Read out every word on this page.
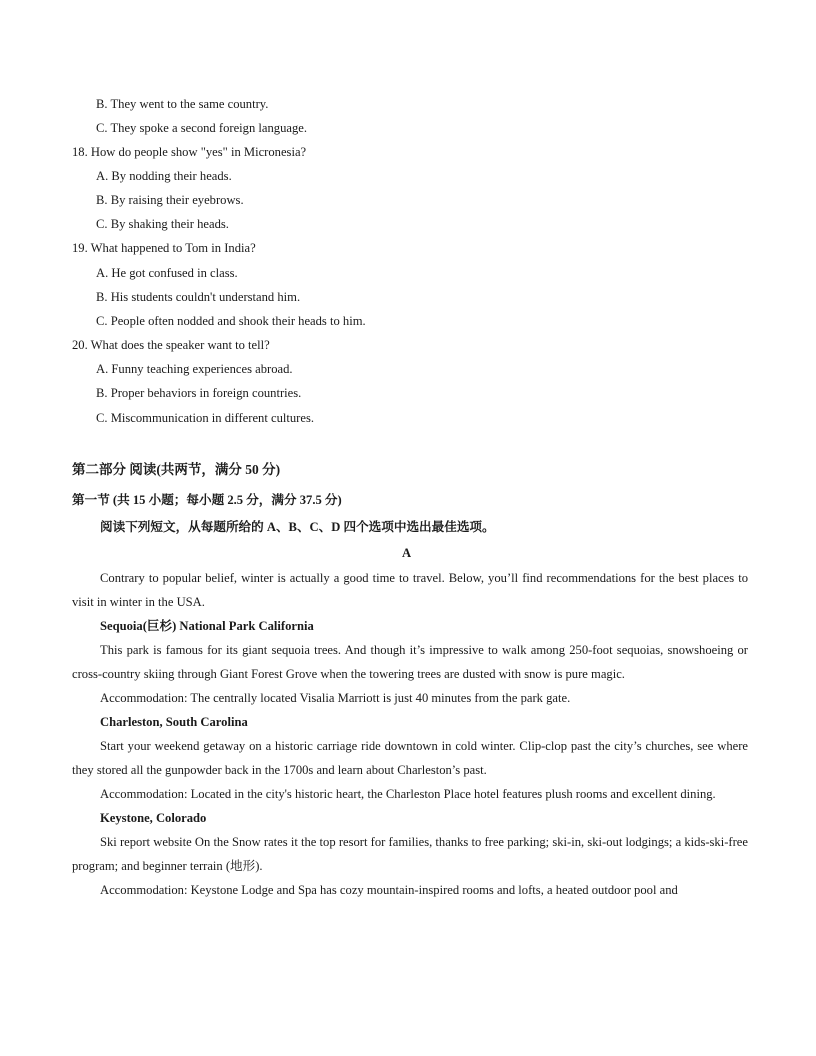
B. They went to the same country.
C. They spoke a second foreign language.
18. How do people show "yes" in Micronesia?
A. By nodding their heads.
B. By raising their eyebrows.
C. By shaking their heads.
19. What happened to Tom in India?
A. He got confused in class.
B. His students couldn't understand him.
C. People often nodded and shook their heads to him.
20. What does the speaker want to tell?
A. Funny teaching experiences abroad.
B. Proper behaviors in foreign countries.
C. Miscommunication in different cultures.
第二部分 阅读(共两节，满分 50 分)
第一节 (共 15 小题；每小题 2.5 分，满分 37.5 分)
阅读下列短文，从每题所给的 A、B、C、D 四个选项中选出最佳选项。
A

Contrary to popular belief, winter is actually a good time to travel. Below, you’ll find recommendations for the best places to visit in winter in the USA.

Sequoia(巨杉) National Park California

This park is famous for its giant sequoia trees. And though it’s impressive to walk among 250-foot sequoias, snowshoeing or cross-country skiing through Giant Forest Grove when the towering trees are dusted with snow is pure magic.

Accommodation: The centrally located Visalia Marriott is just 40 minutes from the park gate.

Charleston, South Carolina

Start your weekend getaway on a historic carriage ride downtown in cold winter. Clip-clop past the city’s churches, see where they stored all the gunpowder back in the 1700s and learn about Charleston’s past.

Accommodation: Located in the city's historic heart, the Charleston Place hotel features plush rooms and excellent dining.

Keystone, Colorado

Ski report website On the Snow rates it the top resort for families, thanks to free parking; ski-in, ski-out lodgings; a kids-ski-free program; and beginner terrain (地形).

Accommodation: Keystone Lodge and Spa has cozy mountain-inspired rooms and lofts, a heated outdoor pool and
